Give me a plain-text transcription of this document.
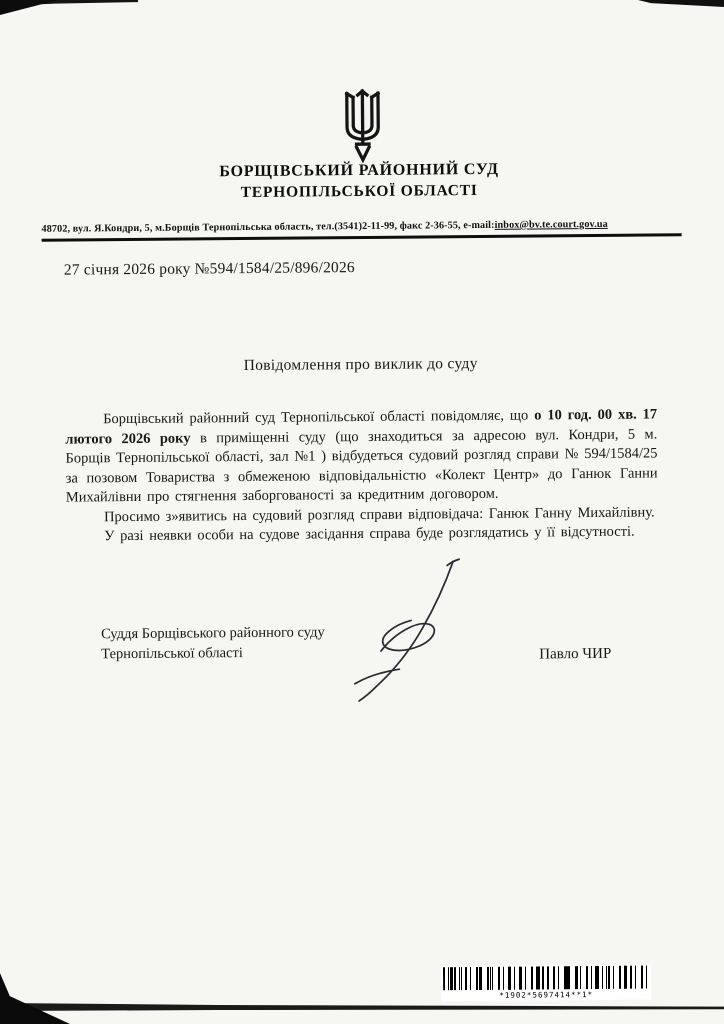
БОРЩІВСЬКИЙ РАЙОННИЙ СУД
ТЕРНОПІЛЬСЬКОЇ ОБЛАСТІ
48702, вул. Я.Кондри, 5, м.Борщів Тернопільська область, тел.(3541)2-11-99, факс 2-36-55, e-mail:inbox@bv.te.court.gov.ua
27 січня 2026 року №594/1584/25/896/2026
Повідомлення про виклик до суду

Борщівський районний суд Тернопільської області повідомляє, що о 10 год. 00 хв. 17 лютого 2026 року в приміщенні суду (що знаходиться за адресою вул. Кондри, 5 м. Борщів Тернопільської області, зал №1 ) відбудеться судовий розгляд справи № 594/1584/25 за позовом Товариства з обмеженою відповідальністю «Колект Центр» до Ганюк Ганни Михайлівни про стягнення заборгованості за кредитним договором.

Просимо з»явитись на судовий розгляд справи відповідача: Ганюк Ганну Михайлівну.

У разі неявки особи на судове засідання справа буде розглядатись у її відсутності.

Суддя Борщівського районного суду
Тернопільської області	Павло ЧИР
*1902*5697414**1*
